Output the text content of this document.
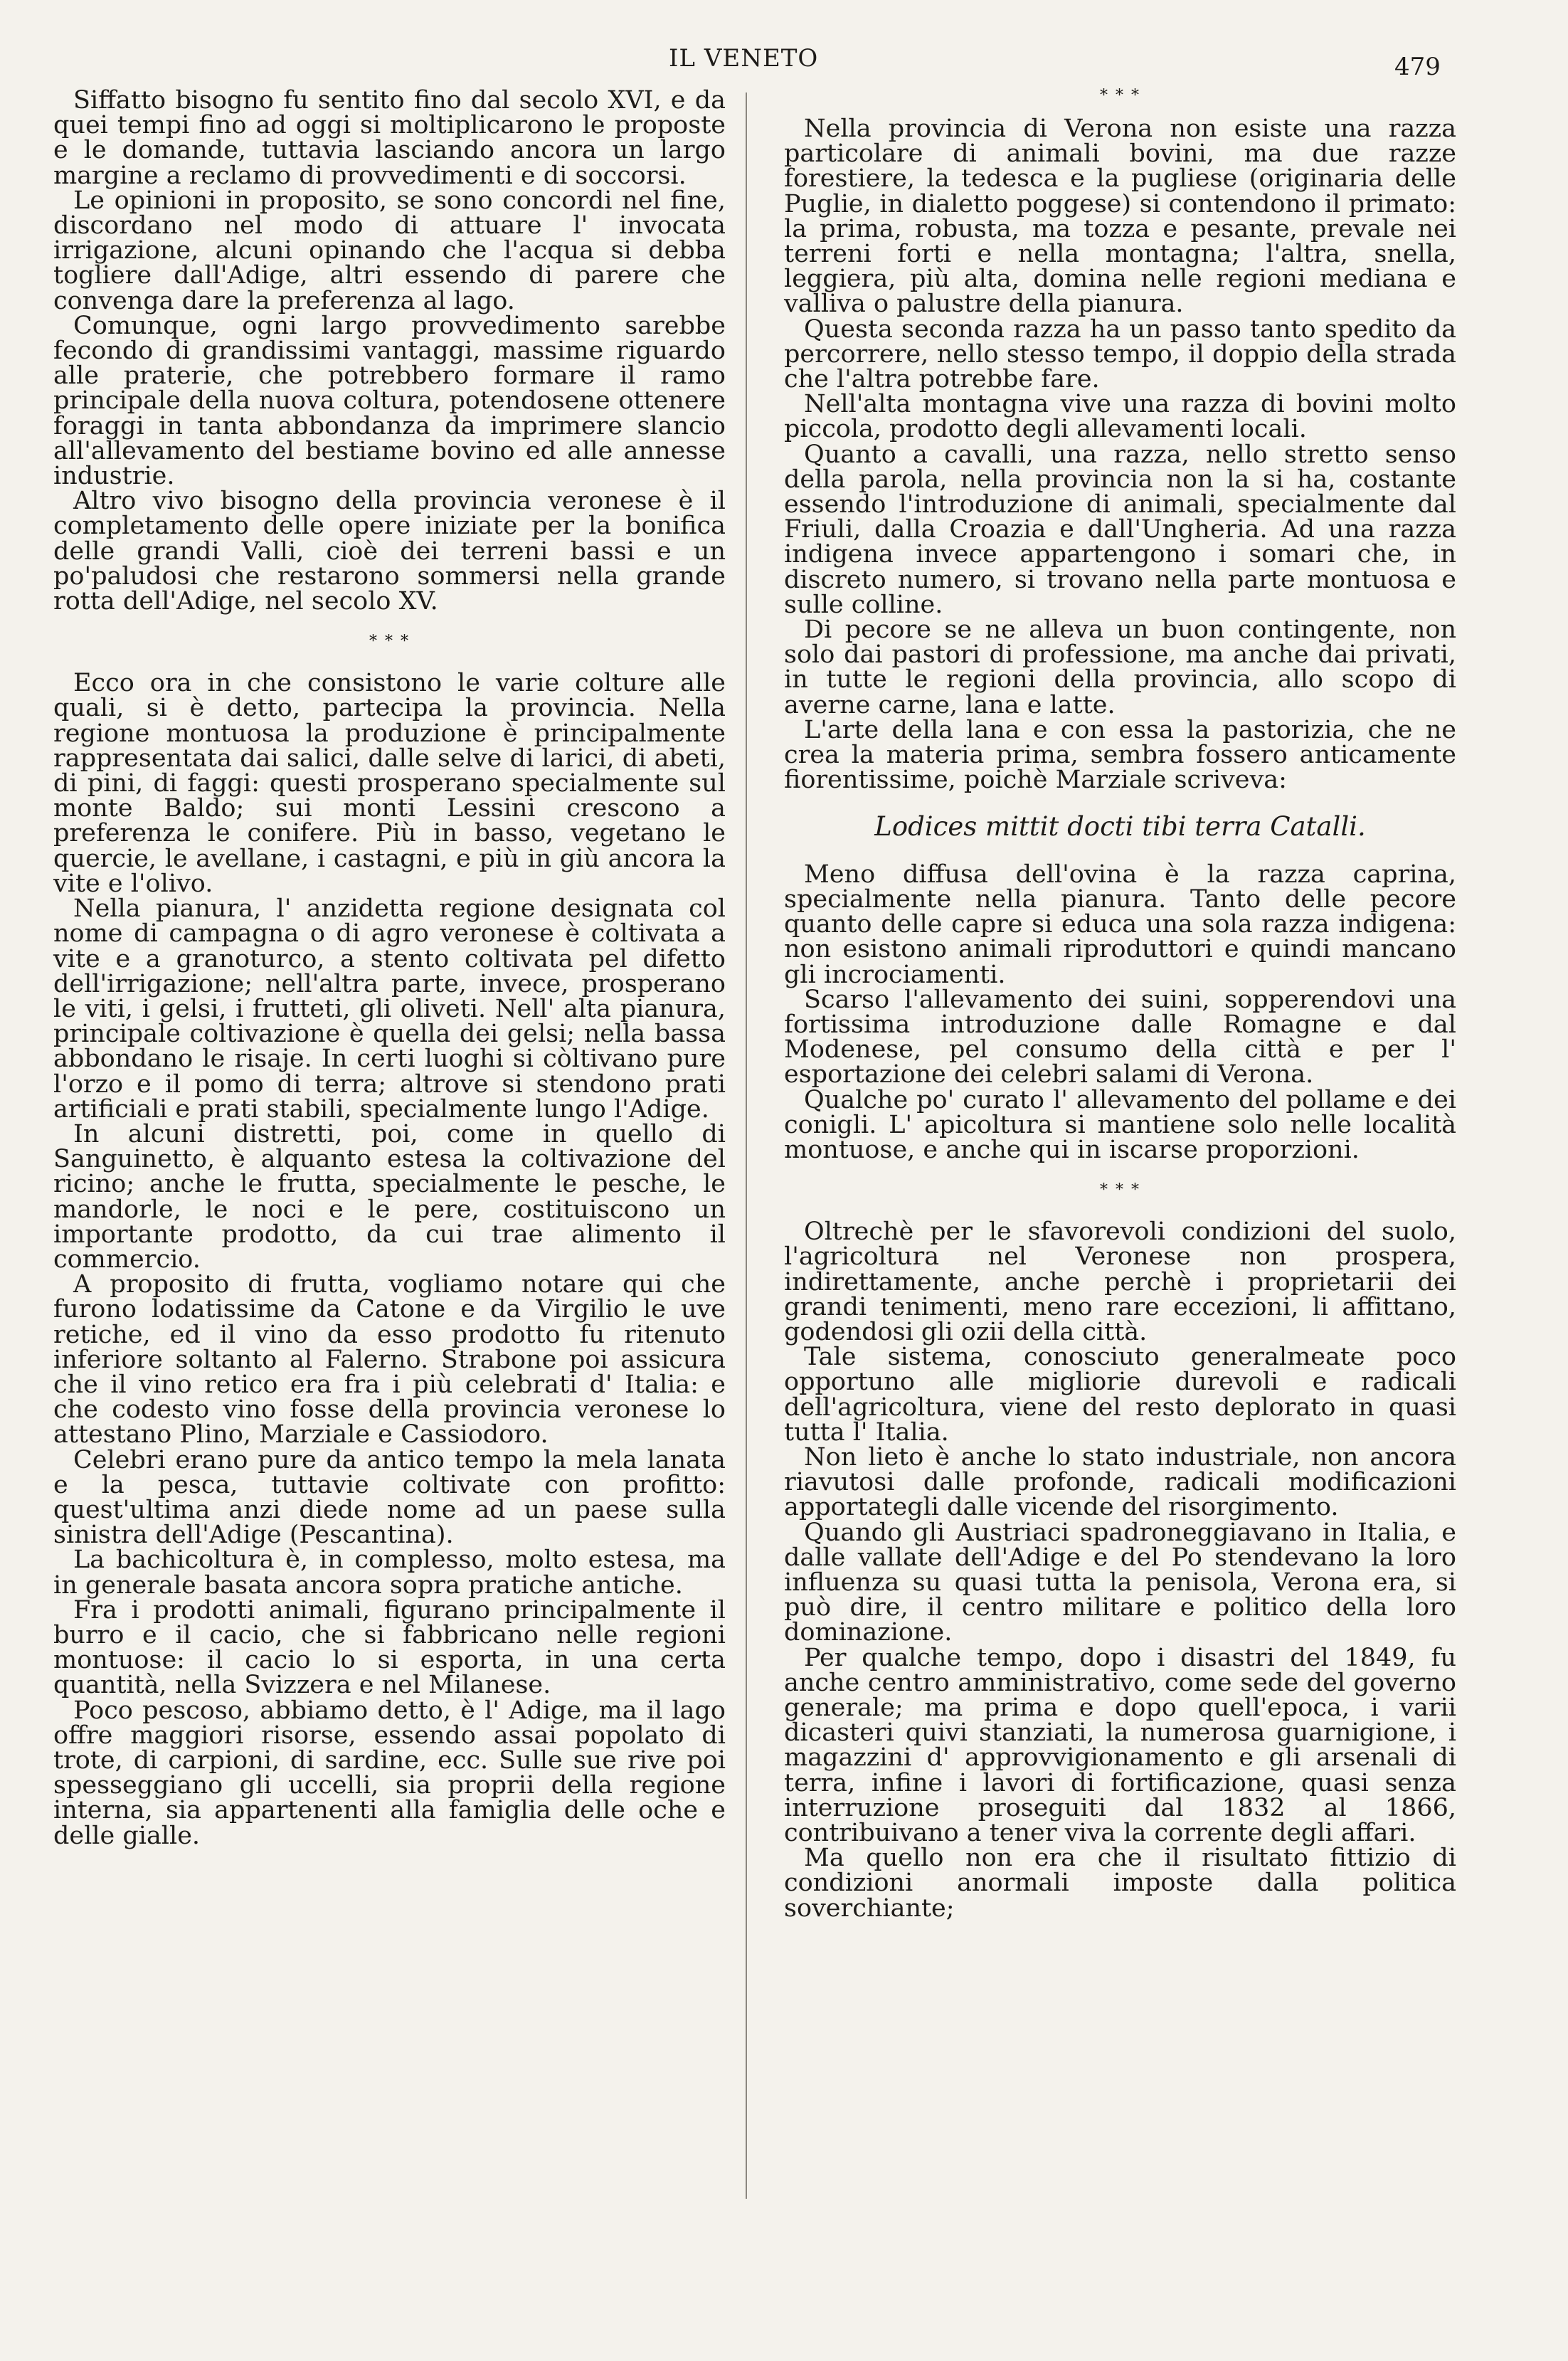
IL VENETO	479

Siffatto bisogno fu sentito fino dal secolo XVI, e da quei tempi fino ad oggi si moltiplicarono le proposte e le domande, tuttavia lasciando ancora un largo margine a reclamo di provvedimenti e di soccorsi.

Le opinioni in proposito, se sono concordi nel fine, discordano nel modo di attuare l' invocata irrigazione, alcuni opinando che l'acqua si debba togliere dall'Adige, altri essendo di parere che convenga dare la preferenza al lago.

Comunque, ogni largo provvedimento sarebbe fecondo di grandissimi vantaggi, massime riguardo alle praterie, che potrebbero formare il ramo principale della nuova coltura, potendosene ottenere foraggi in tanta abbondanza da imprimere slancio all'allevamento del bestiame bovino ed alle annesse industrie.

Altro vivo bisogno della provincia veronese è il completamento delle opere iniziate per la bonifica delle grandi Valli, cioè dei terreni bassi e un po'paludosi che restarono sommersi nella grande rotta dell'Adige, nel secolo XV.

* * *

Ecco ora in che consistono le varie colture alle quali, si è detto, partecipa la provincia. Nella regione montuosa la produzione è principalmente rappresentata dai salici, dalle selve di larici, di abeti, di pini, di faggi: questi prosperano specialmente sul monte Baldo; sui monti Lessini crescono a preferenza le conifere. Più in basso, vegetano le quercie, le avellane, i castagni, e più in giù ancora la vite e l'olivo.

Nella pianura, l' anzidetta regione designata col nome di campagna o di agro veronese è coltivata a vite e a granoturco, a stento coltivata pel difetto dell'irrigazione; nell'altra parte, invece, prosperano le viti, i gelsi, i frutteti, gli oliveti. Nell' alta pianura, principale coltivazione è quella dei gelsi; nella bassa abbondano le risaje. In certi luoghi si còltivano pure l'orzo e il pomo di terra; altrove si stendono prati artificiali e prati stabili, specialmente lungo l'Adige.

In alcuni distretti, poi, come in quello di Sanguinetto, è alquanto estesa la coltivazione del ricino; anche le frutta, specialmente le pesche, le mandorle, le noci e le pere, costituiscono un importante prodotto, da cui trae alimento il commercio.

A proposito di frutta, vogliamo notare qui che furono lodatissime da Catone e da Virgilio le uve retiche, ed il vino da esso prodotto fu ritenuto inferiore soltanto al Falerno. Strabone poi assicura che il vino retico era fra i più celebrati d' Italia: e che codesto vino fosse della provincia veronese lo attestano Plino, Marziale e Cassiodoro.

Celebri erano pure da antico tempo la mela lanata e la pesca, tuttavie coltivate con profitto: quest'ultima anzi diede nome ad un paese sulla sinistra dell'Adige (Pescantina).

La bachicoltura è, in complesso, molto estesa, ma in generale basata ancora sopra pratiche antiche.

Fra i prodotti animali, figurano principalmente il burro e il cacio, che si fabbricano nelle regioni montuose: il cacio lo si esporta, in una certa quantità, nella Svizzera e nel Milanese.

Poco pescoso, abbiamo detto, è l' Adige, ma il lago offre maggiori risorse, essendo assai popolato di trote, di carpioni, di sardine, ecc. Sulle sue rive poi spesseggiano gli uccelli, sia proprii della regione interna, sia appartenenti alla famiglia delle oche e delle gialle.

* * *

Nella provincia di Verona non esiste una razza particolare di animali bovini, ma due razze forestiere, la tedesca e la pugliese (originaria delle Puglie, in dialetto poggese) si contendono il primato: la prima, robusta, ma tozza e pesante, prevale nei terreni forti e nella montagna; l'altra, snella, leggiera, più alta, domina nelle regioni mediana e valliva o palustre della pianura.

Questa seconda razza ha un passo tanto spedito da percorrere, nello stesso tempo, il doppio della strada che l'altra potrebbe fare.

Nell'alta montagna vive una razza di bovini molto piccola, prodotto degli allevamenti locali.

Quanto a cavalli, una razza, nello stretto senso della parola, nella provincia non la si ha, costante essendo l'introduzione di animali, specialmente dal Friuli, dalla Croazia e dall'Ungheria. Ad una razza indigena invece appartengono i somari che, in discreto numero, si trovano nella parte montuosa e sulle colline.

Di pecore se ne alleva un buon contingente, non solo dai pastori di professione, ma anche dai privati, in tutte le regioni della provincia, allo scopo di averne carne, lana e latte.

L'arte della lana e con essa la pastorizia, che ne crea la materia prima, sembra fossero anticamente fiorentissime, poichè Marziale scriveva:

Lodices mittit docti tibi terra Catalli.

Meno diffusa dell'ovina è la razza caprina, specialmente nella pianura. Tanto delle pecore quanto delle capre si educa una sola razza indigena: non esistono animali riproduttori e quindi mancano gli incrociamenti.

Scarso l'allevamento dei suini, sopperendovi una fortissima introduzione dalle Romagne e dal Modenese, pel consumo della città e per l' esportazione dei celebri salami di Verona.

Qualche po' curato l' allevamento del pollame e dei conigli. L' apicoltura si mantiene solo nelle località montuose, e anche qui in iscarse proporzioni.

* * *

Oltrechè per le sfavorevoli condizioni del suolo, l'agricoltura nel Veronese non prospera, indirettamente, anche perchè i proprietarii dei grandi tenimenti, meno rare eccezioni, li affittano, godendosi gli ozii della città.

Tale sistema, conosciuto generalmeate poco opportuno alle migliorie durevoli e radicali dell'agricoltura, viene del resto deplorato in quasi tutta l' Italia.

Non lieto è anche lo stato industriale, non ancora riavutosi dalle profonde, radicali modificazioni apportategli dalle vicende del risorgimento.

Quando gli Austriaci spadroneggiavano in Italia, e dalle vallate dell'Adige e del Po stendevano la loro influenza su quasi tutta la penisola, Verona era, si può dire, il centro militare e politico della loro dominazione.

Per qualche tempo, dopo i disastri del 1849, fu anche centro amministrativo, come sede del governo generale; ma prima e dopo quell'epoca, i varii dicasteri quivi stanziati, la numerosa guarnigione, i magazzini d' approvvigionamento e gli arsenali di terra, infine i lavori di fortificazione, quasi senza interruzione proseguiti dal 1832 al 1866, contribuivano a tener viva la corrente degli affari.

Ma quello non era che il risultato fittizio di condizioni anormali imposte dalla politica soverchiante;
